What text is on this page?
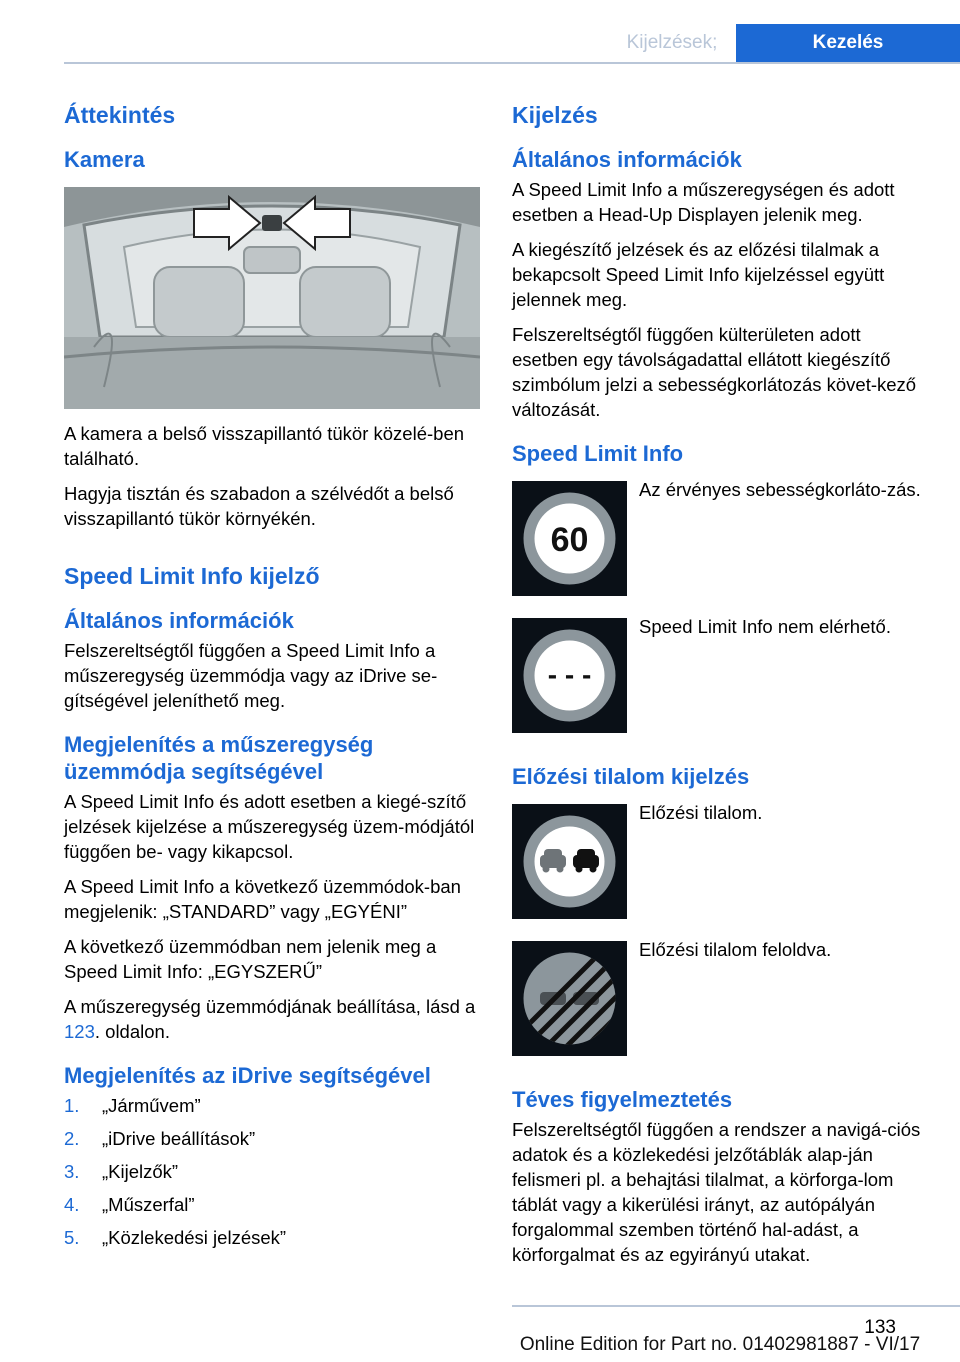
Kijelzések;	Kezelés
Áttekintés
Kamera

A kamera a belső visszapillantó tükör közelé-ben található.

Hagyja tisztán és szabadon a szélvédőt a belső visszapillantó tükör környékén.

Speed Limit Info kijelző
Általános információk

Felszereltségtől függően a Speed Limit Info a műszeregység üzemmódja vagy az iDrive se-gítségével jeleníthető meg.

Megjelenítés a műszeregység üzemmódja segítségével

A Speed Limit Info és adott esetben a kiegé-szítő jelzések kijelzése a műszeregység üzem-módjától függően be- vagy kikapcsol.

A Speed Limit Info a következő üzemmódok-ban megjelenik: „STANDARD” vagy „EGYÉNI”

A következő üzemmódban nem jelenik meg a Speed Limit Info: „EGYSZERŰ”

A műszeregység üzemmódjának beállítása, lásd a 123. oldalon.

Megjelenítés az iDrive segítségével
1.	„Járművem”
2.	„iDrive beállítások”
3.	„Kijelzők”
4.	„Műszerfal”
5.	„Közlekedési jelzések”
Kijelzés
Általános információk

A Speed Limit Info a műszeregységen és adott esetben a Head-Up Displayen jelenik meg.

A kiegészítő jelzések és az előzési tilalmak a bekapcsolt Speed Limit Info kijelzéssel együtt jelennek meg.

Felszereltségtől függően külterületen adott esetben egy távolságadattal ellátott kiegészítő szimbólum jelzi a sebességkorlátozás követ-kező változását.

Speed Limit Info
60
Az érvényes sebességkorláto-zás.
- - -
Speed Limit Info nem elérhető.
Előzési tilalom kijelzés
Előzési tilalom.
Előzési tilalom feloldva.
Téves figyelmeztetés

Felszereltségtől függően a rendszer a navigá-ciós adatok és a közlekedési jelzőtáblák alap-ján felismeri pl. a behajtási tilalmat, a körforga-lom táblát vagy a kikerülési irányt, az autópályán forgalommal szemben történő hal-adást, a körforgalmat és az egyirányú utakat.

133
Online Edition for Part no. 01402981887 - VI/17
